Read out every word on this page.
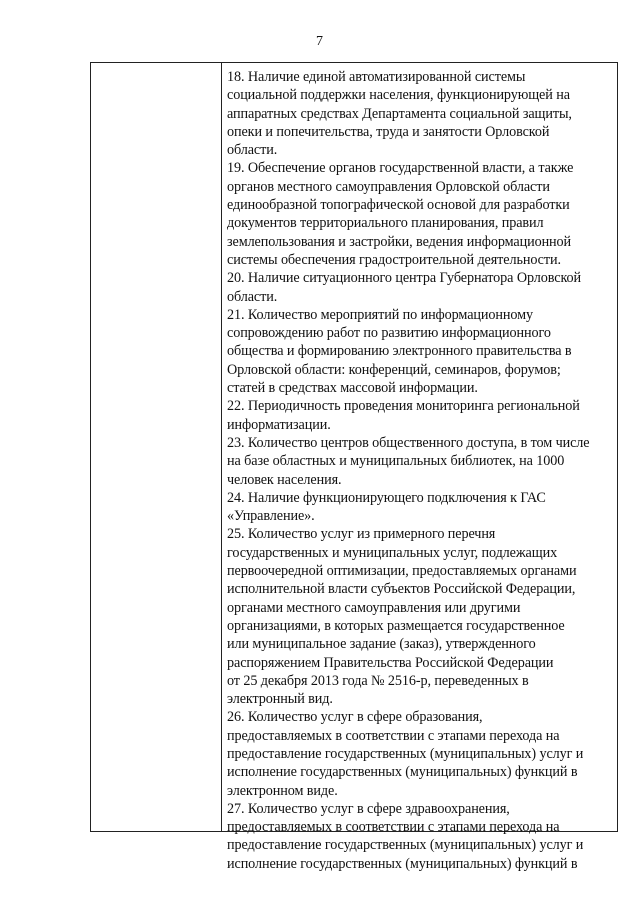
7
18. Наличие единой автоматизированной системы
социальной поддержки населения, функционирующей на
аппаратных средствах Департамента социальной защиты,
опеки и попечительства, труда и занятости Орловской
области.
19. Обеспечение органов государственной власти, а также
органов местного самоуправления Орловской области
единообразной топографической основой для разработки
документов территориального планирования, правил
землепользования и застройки, ведения информационной
системы обеспечения градостроительной деятельности.
20. Наличие ситуационного центра Губернатора Орловской
области.
21. Количество мероприятий по информационному
сопровождению работ по развитию информационного
общества и формированию электронного правительства в
Орловской области: конференций, семинаров, форумов;
статей в средствах массовой информации.
22. Периодичность проведения мониторинга региональной
информатизации.
23. Количество центров общественного доступа, в том числе
на базе областных и муниципальных библиотек, на 1000
человек населения.
24. Наличие функционирующего подключения к ГАС
«Управление».
25. Количество услуг из примерного перечня
государственных и муниципальных услуг, подлежащих
первоочередной оптимизации, предоставляемых органами
исполнительной власти субъектов Российской Федерации,
органами местного самоуправления или другими
организациями, в которых размещается государственное
или муниципальное задание (заказ), утвержденного
распоряжением Правительства Российской Федерации
от 25 декабря 2013 года № 2516-р, переведенных в
электронный вид.
26. Количество услуг в сфере образования,
предоставляемых в соответствии с этапами перехода на
предоставление государственных (муниципальных) услуг и
исполнение государственных (муниципальных) функций в
электронном виде.
27. Количество услуг в сфере здравоохранения,
предоставляемых в соответствии с этапами перехода на
предоставление государственных (муниципальных) услуг и
исполнение государственных (муниципальных) функций в
